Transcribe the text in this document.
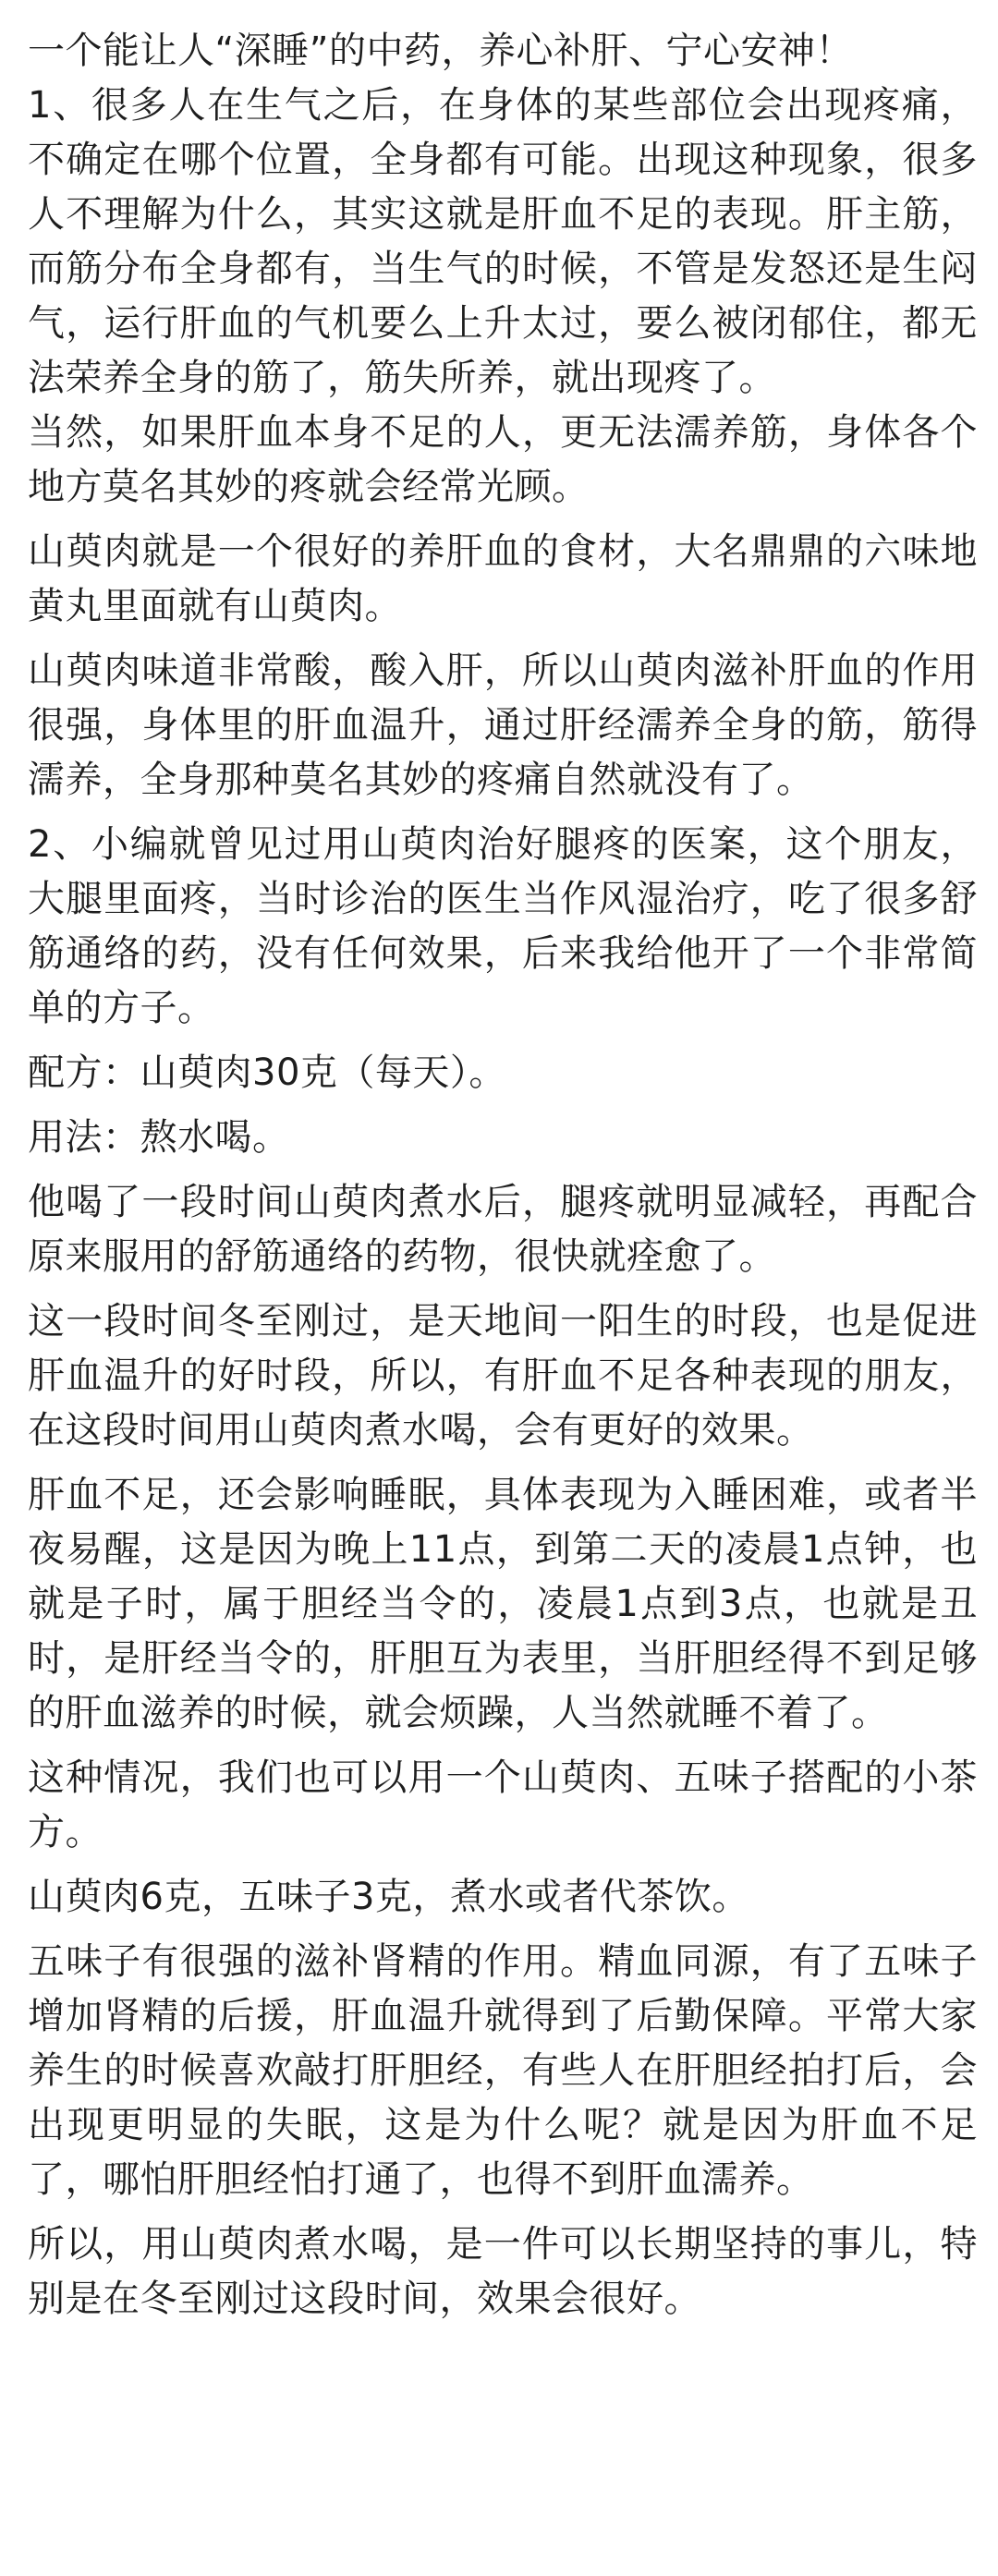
一个能让人“深睡”的中药，养心补肝、宁心安神！

1、很多人在生气之后，在身体的某些部位会出现疼痛，不确定在哪个位置，全身都有可能。出现这种现象，很多人不理解为什么，其实这就是肝血不足的表现。肝主筋，而筋分布全身都有，当生气的时候，不管是发怒还是生闷气，运行肝血的气机要么上升太过，要么被闭郁住，都无法荣养全身的筋了，筋失所养，就出现疼了。

当然，如果肝血本身不足的人，更无法濡养筋，身体各个地方莫名其妙的疼就会经常光顾。

山萸肉就是一个很好的养肝血的食材，大名鼎鼎的六味地黄丸里面就有山萸肉。

山萸肉味道非常酸，酸入肝，所以山萸肉滋补肝血的作用很强，身体里的肝血温升，通过肝经濡养全身的筋，筋得濡养，全身那种莫名其妙的疼痛自然就没有了。

2、小编就曾见过用山萸肉治好腿疼的医案，这个朋友，大腿里面疼，当时诊治的医生当作风湿治疗，吃了很多舒筋通络的药，没有任何效果，后来我给他开了一个非常简单的方子。

配方：山萸肉30克（每天）。

用法：熬水喝。

他喝了一段时间山萸肉煮水后，腿疼就明显减轻，再配合原来服用的舒筋通络的药物，很快就痊愈了。

这一段时间冬至刚过，是天地间一阳生的时段，也是促进肝血温升的好时段，所以，有肝血不足各种表现的朋友，在这段时间用山萸肉煮水喝，会有更好的效果。

肝血不足，还会影响睡眠，具体表现为入睡困难，或者半夜易醒，这是因为晚上11点，到第二天的凌晨1点钟，也就是子时，属于胆经当令的，凌晨1点到3点，也就是丑时，是肝经当令的，肝胆互为表里，当肝胆经得不到足够的肝血滋养的时候，就会烦躁，人当然就睡不着了。

这种情况，我们也可以用一个山萸肉、五味子搭配的小茶方。

山萸肉6克，五味子3克，煮水或者代茶饮。

五味子有很强的滋补肾精的作用。精血同源，有了五味子增加肾精的后援，肝血温升就得到了后勤保障。平常大家养生的时候喜欢敲打肝胆经，有些人在肝胆经拍打后，会出现更明显的失眠，这是为什么呢？就是因为肝血不足了，哪怕肝胆经怕打通了，也得不到肝血濡养。

所以，用山萸肉煮水喝，是一件可以长期坚持的事儿，特别是在冬至刚过这段时间，效果会很好。
